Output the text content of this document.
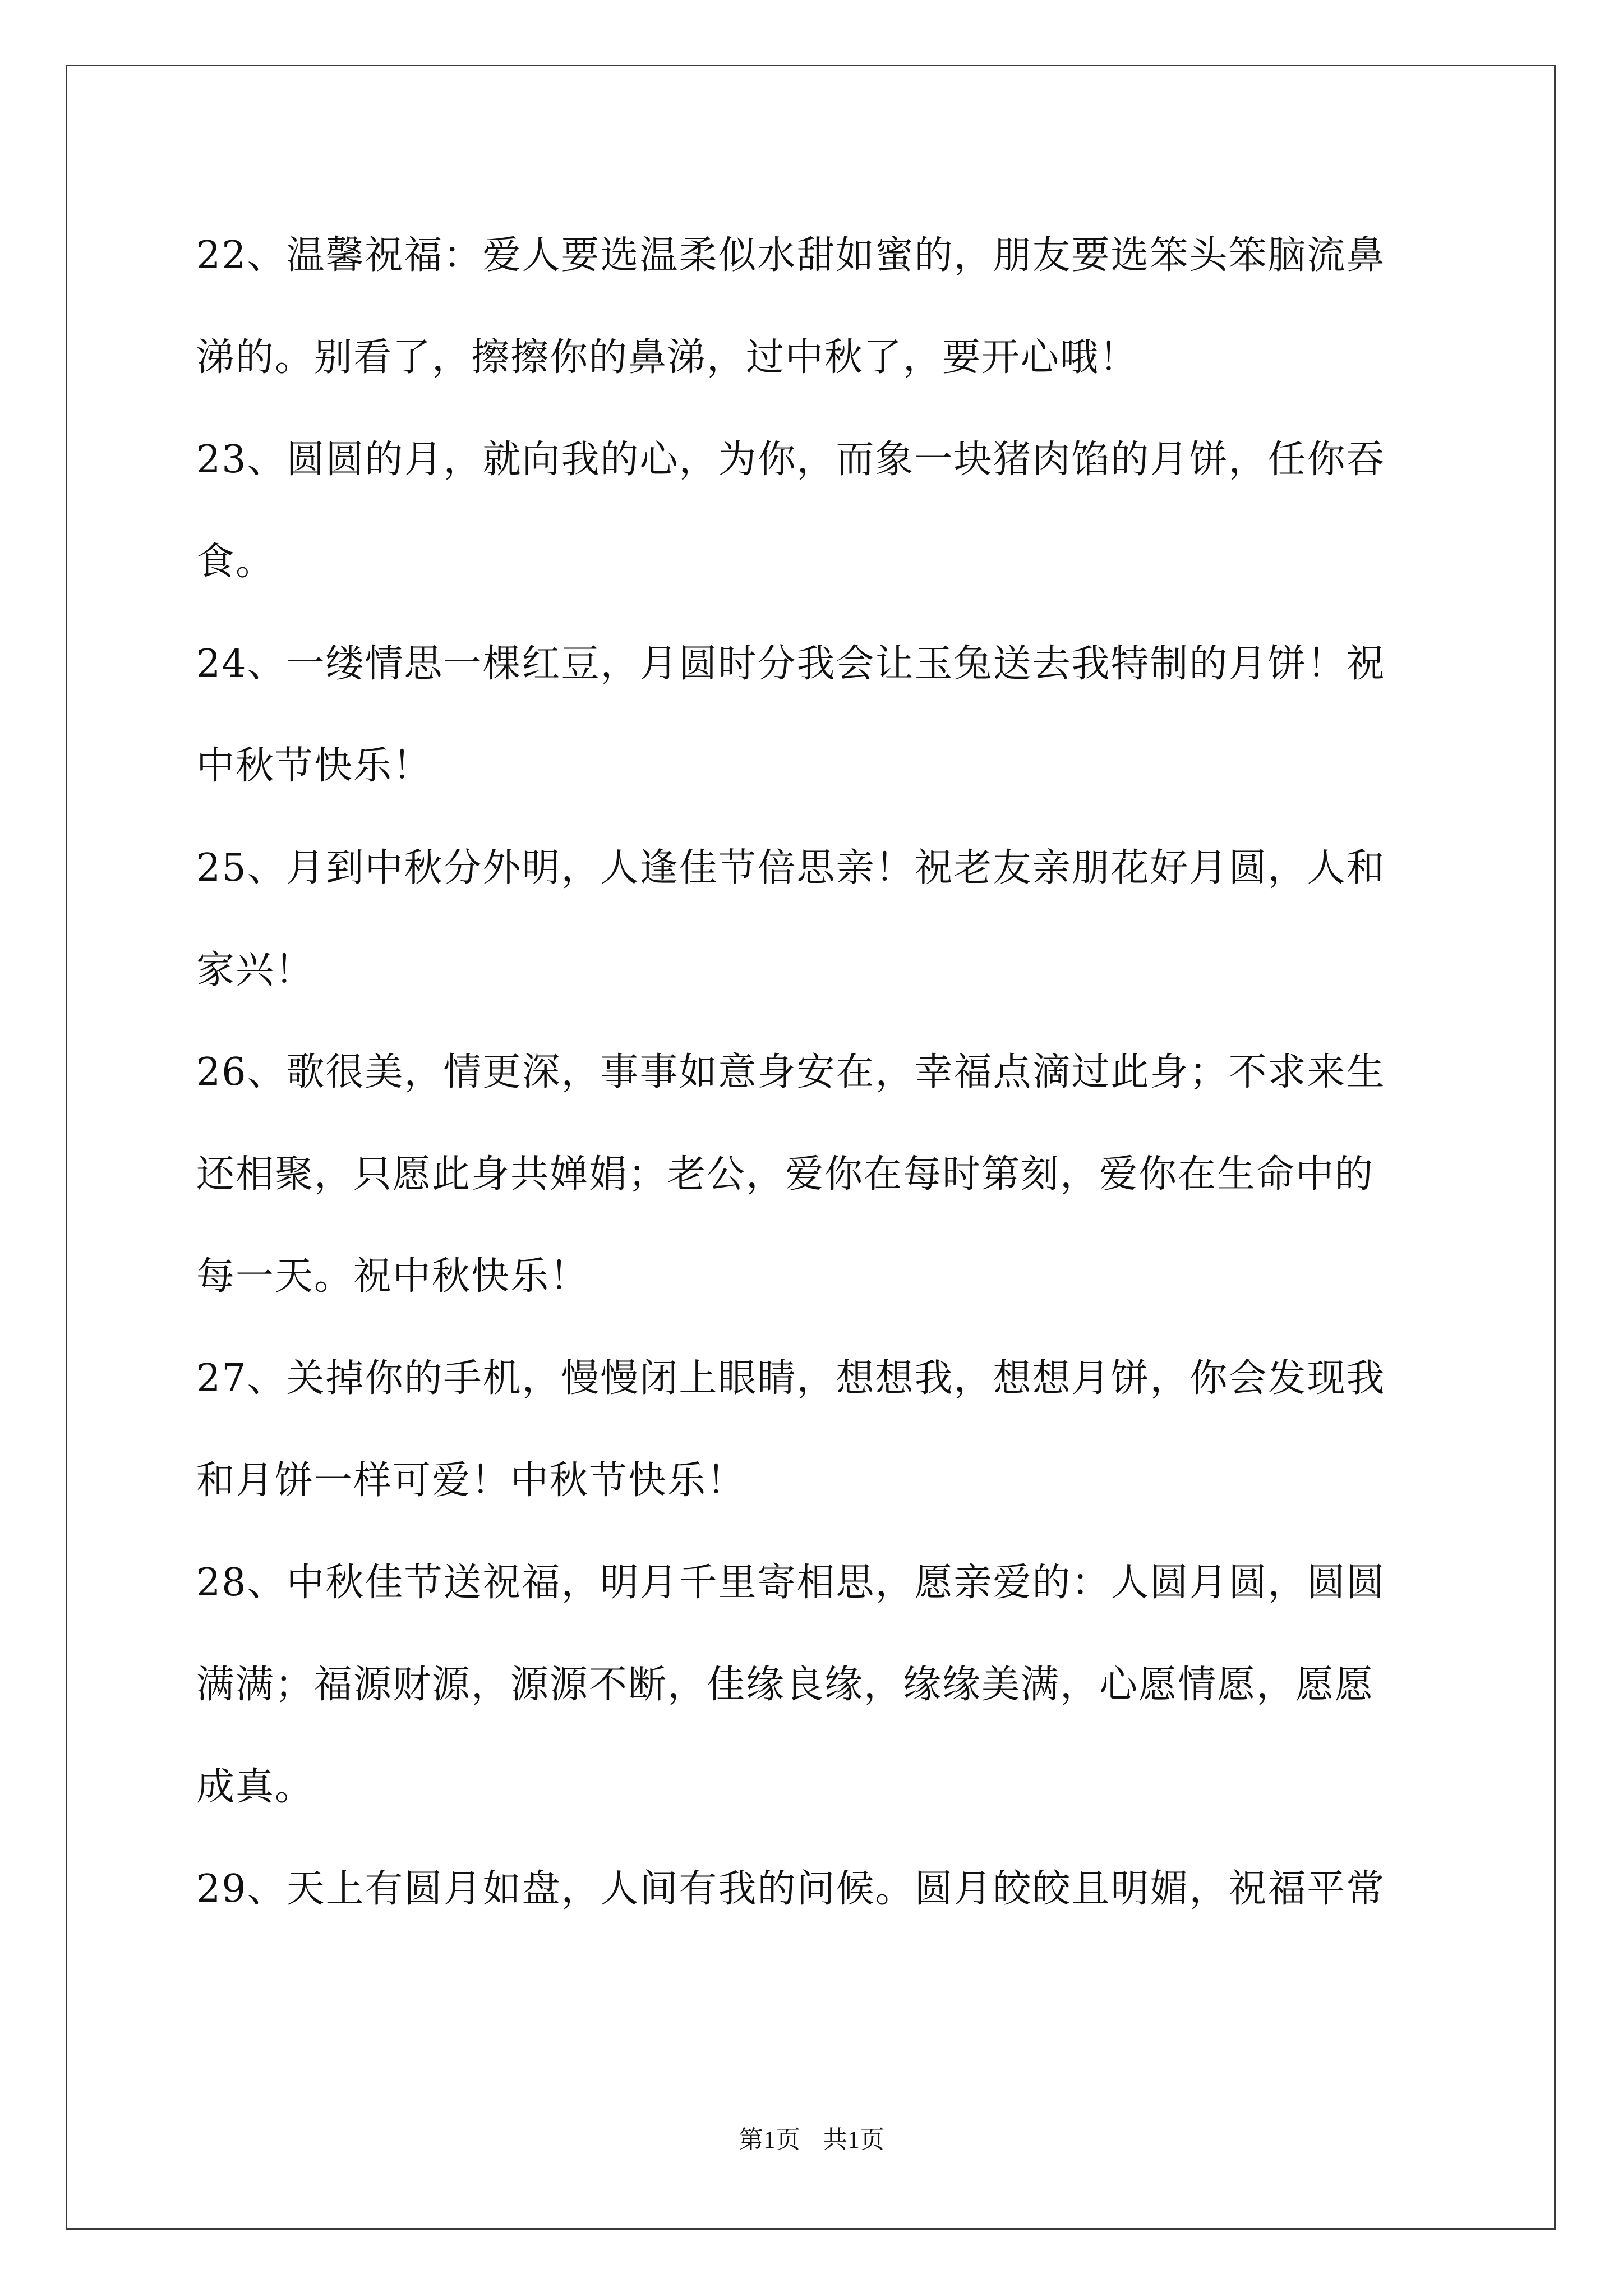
22、温馨祝福：爱人要选温柔似水甜如蜜的，朋友要选笨头笨脑流鼻
涕的。别看了，擦擦你的鼻涕，过中秋了，要开心哦！

23、圆圆的月，就向我的心，为你，而象一块猪肉馅的月饼，任你吞
食。

24、一缕情思一棵红豆，月圆时分我会让玉兔送去我特制的月饼！祝
中秋节快乐！

25、月到中秋分外明，人逢佳节倍思亲！祝老友亲朋花好月圆，人和
家兴！

26、歌很美，情更深，事事如意身安在，幸福点滴过此身；不求来生
还相聚，只愿此身共婵娟；老公，爱你在每时第刻，爱你在生命中的
每一天。祝中秋快乐！

27、关掉你的手机，慢慢闭上眼睛，想想我，想想月饼，你会发现我
和月饼一样可爱！中秋节快乐！

28、中秋佳节送祝福，明月千里寄相思，愿亲爱的：人圆月圆，圆圆
满满；福源财源，源源不断，佳缘良缘，缘缘美满，心愿情愿，愿愿
成真。

29、天上有圆月如盘，人间有我的问候。圆月皎皎且明媚，祝福平常

第1页 共1页
